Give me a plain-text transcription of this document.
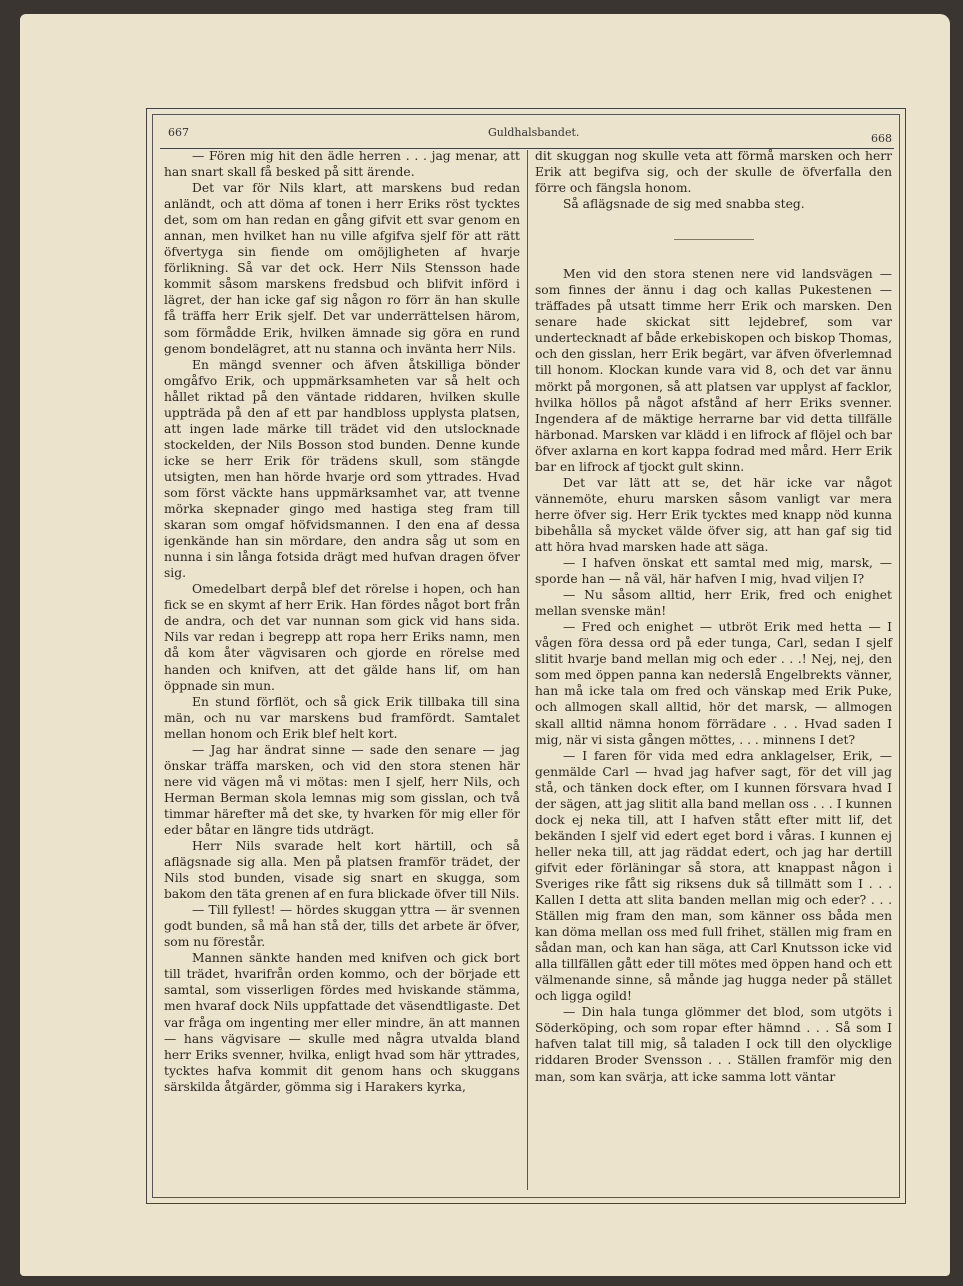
667	Guldhalsbandet.	668

— Fören mig hit den ädle herren . . . jag menar, att han snart skall få besked på sitt ärende.

Det var för Nils klart, att marskens bud redan anländt, och att döma af tonen i herr Eriks röst tycktes det, som om han redan en gång gifvit ett svar genom en annan, men hvilket han nu ville afgifva sjelf för att rätt öfvertyga sin fiende om omöjligheten af hvarje förlikning. Så var det ock. Herr Nils Stensson hade kommit såsom marskens fredsbud och blifvit införd i lägret, der han icke gaf sig någon ro förr än han skulle få träffa herr Erik sjelf. Det var underrättelsen härom, som förmådde Erik, hvilken ämnade sig göra en rund genom bondelägret, att nu stanna och invänta herr Nils.

En mängd svenner och äfven åtskilliga bönder omgåfvo Erik, och uppmärksamheten var så helt och hållet riktad på den väntade riddaren, hvilken skulle uppträda på den af ett par handbloss upplysta platsen, att ingen lade märke till trädet vid den utslocknade stockelden, der Nils Bosson stod bunden. Denne kunde icke se herr Erik för trädens skull, som stängde utsigten, men han hörde hvarje ord som yttrades. Hvad som först väckte hans uppmärksamhet var, att tvenne mörka skepnader gingo med hastiga steg fram till skaran som omgaf höfvidsmannen. I den ena af dessa igenkände han sin mördare, den andra såg ut som en nunna i sin långa fotsida drägt med hufvan dragen öfver sig.

Omedelbart derpå blef det rörelse i hopen, och han fick se en skymt af herr Erik. Han fördes något bort från de andra, och det var nunnan som gick vid hans sida. Nils var redan i begrepp att ropa herr Eriks namn, men då kom åter vägvisaren och gjorde en rörelse med handen och knifven, att det gälde hans lif, om han öppnade sin mun.

En stund förflöt, och så gick Erik tillbaka till sina män, och nu var marskens bud framfördt. Samtalet mellan honom och Erik blef helt kort.

— Jag har ändrat sinne — sade den senare — jag önskar träffa marsken, och vid den stora stenen här nere vid vägen må vi mötas: men I sjelf, herr Nils, och Herman Berman skola lemnas mig som gisslan, och två timmar härefter må det ske, ty hvarken för mig eller för eder båtar en längre tids utdrägt.

Herr Nils svarade helt kort härtill, och så aflägsnade sig alla. Men på platsen framför trädet, der Nils stod bunden, visade sig snart en skugga, som bakom den täta grenen af en fura blickade öfver till Nils.

— Till fyllest! — hördes skuggan yttra — är svennen godt bunden, så må han stå der, tills det arbete är öfver, som nu förestår.

Mannen sänkte handen med knifven och gick bort till trädet, hvarifrån orden kommo, och der började ett samtal, som visserligen fördes med hviskande stämma, men hvaraf dock Nils uppfattade det väsendtligaste. Det var fråga om ingenting mer eller mindre, än att mannen — hans vägvisare — skulle med några utvalda bland herr Eriks svenner, hvilka, enligt hvad som här yttrades, tycktes hafva kommit dit genom hans och skuggans särskilda åtgärder, gömma sig i Harakers kyrka,

dit skuggan nog skulle veta att förmå marsken och herr Erik att begifva sig, och der skulle de öfverfalla den förre och fängsla honom.

Så aflägsnade de sig med snabba steg.

Men vid den stora stenen nere vid landsvägen — som finnes der ännu i dag och kallas Pukestenen — träffades på utsatt timme herr Erik och marsken. Den senare hade skickat sitt lejdebref, som var undertecknadt af både erkebiskopen och biskop Thomas, och den gisslan, herr Erik begärt, var äfven öfverlemnad till honom. Klockan kunde vara vid 8, och det var ännu mörkt på morgonen, så att platsen var upplyst af facklor, hvilka höllos på något afstånd af herr Eriks svenner. Ingendera af de mäktige herrarne bar vid detta tillfälle härbonad. Marsken var klädd i en lifrock af flöjel och bar öfver axlarna en kort kappa fodrad med mård. Herr Erik bar en lifrock af tjockt gult skinn.

Det var lätt att se, det här icke var något vännemöte, ehuru marsken såsom vanligt var mera herre öfver sig. Herr Erik tycktes med knapp nöd kunna bibehålla så mycket välde öfver sig, att han gaf sig tid att höra hvad marsken hade att säga.

— I hafven önskat ett samtal med mig, marsk, — sporde han — nå väl, här hafven I mig, hvad viljen I?

— Nu såsom alltid, herr Erik, fred och enighet mellan svenske män!

— Fred och enighet — utbröt Erik med hetta — I vågen föra dessa ord på eder tunga, Carl, sedan I sjelf slitit hvarje band mellan mig och eder . . .! Nej, nej, den som med öppen panna kan nederslå Engelbrekts vänner, han må icke tala om fred och vänskap med Erik Puke, och allmogen skall alltid, hör det marsk, — allmogen skall alltid nämna honom förrädare . . . Hvad saden I mig, när vi sista gången möttes, . . . minnens I det?

— I faren för vida med edra anklagelser, Erik, — genmälde Carl — hvad jag hafver sagt, för det vill jag stå, och tänken dock efter, om I kunnen försvara hvad I der sägen, att jag slitit alla band mellan oss . . . I kunnen dock ej neka till, att I hafven stått efter mitt lif, det bekänden I sjelf vid edert eget bord i våras. I kunnen ej heller neka till, att jag räddat edert, och jag har dertill gifvit eder förläningar så stora, att knappast någon i Sveriges rike fått sig riksens duk så tillmätt som I . . . Kallen I detta att slita banden mellan mig och eder? . . . Ställen mig fram den man, som känner oss båda men kan döma mellan oss med full frihet, ställen mig fram en sådan man, och kan han säga, att Carl Knutsson icke vid alla tillfällen gått eder till mötes med öppen hand och ett välmenande sinne, så månde jag hugga neder på stället och ligga ogild!

— Din hala tunga glömmer det blod, som utgöts i Söderköping, och som ropar efter hämnd . . . Så som I hafven talat till mig, så taladen I ock till den olycklige riddaren Broder Svensson . . . Ställen framför mig den man, som kan svärja, att icke samma lott väntar
